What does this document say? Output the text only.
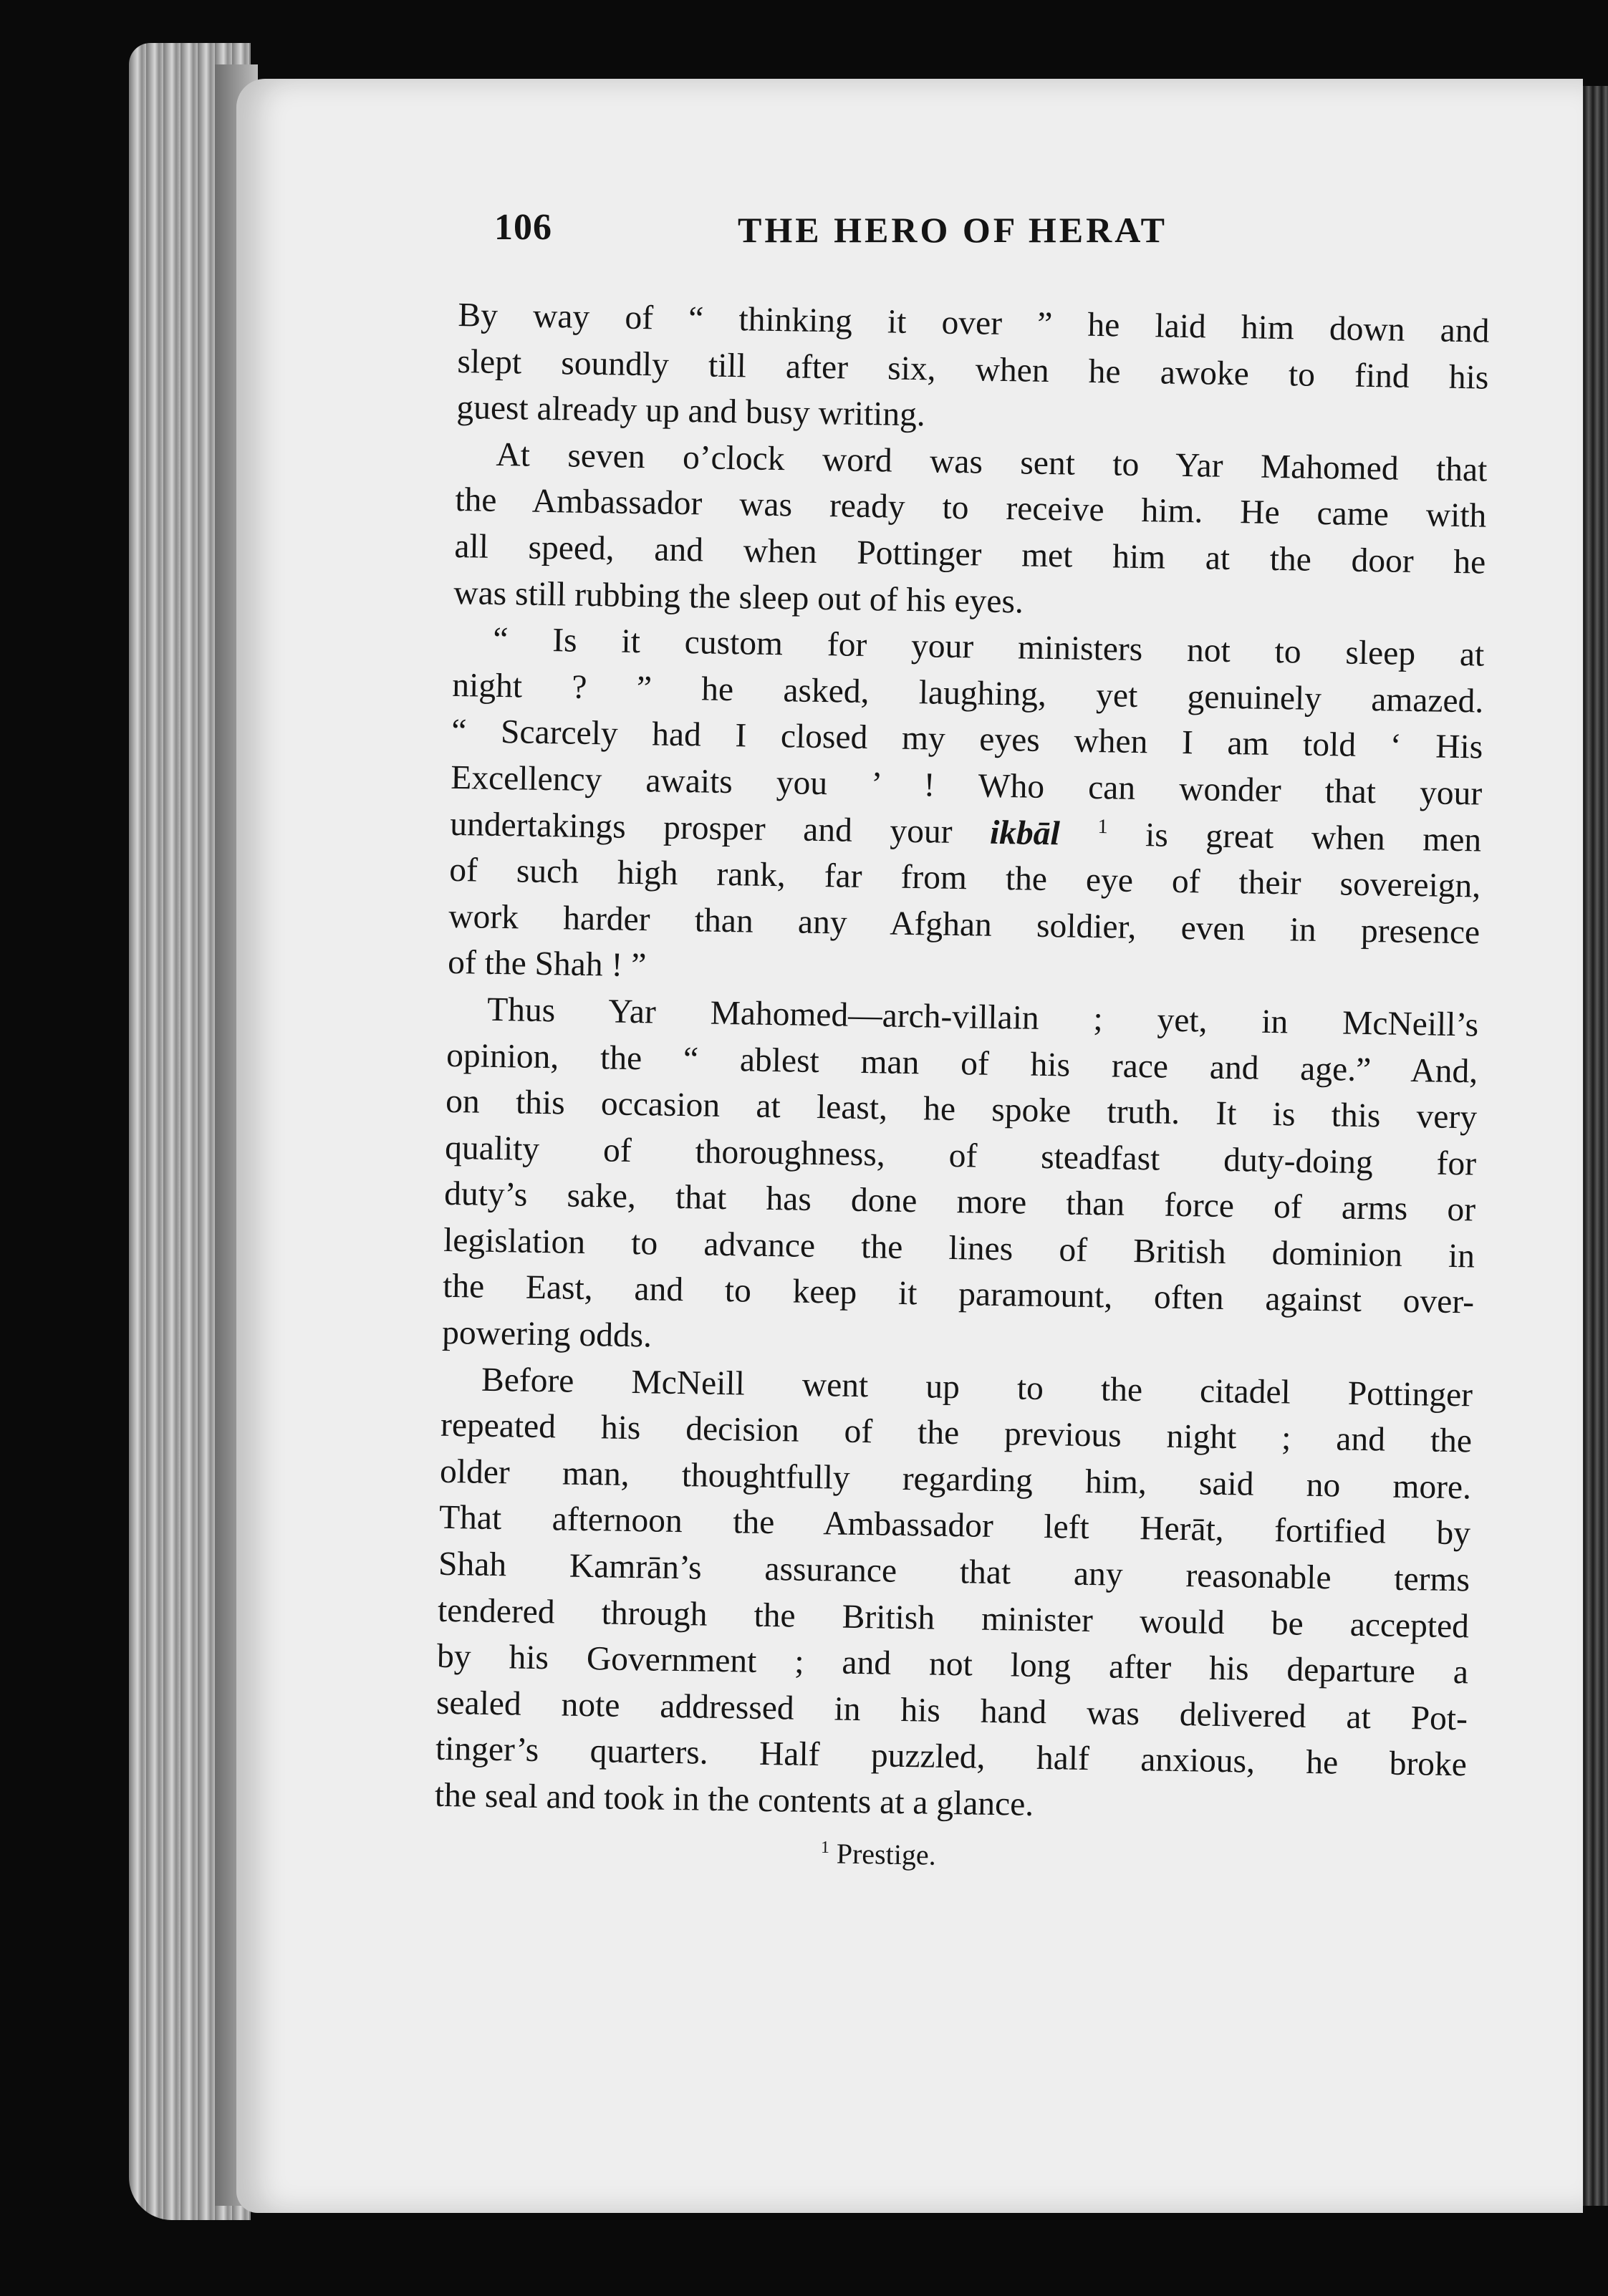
106	THE HERO OF HERAT
By way of “ thinking it over ” he laid him down and
slept soundly till after six, when he awoke to find his
guest already up and busy writing.
At seven o’clock word was sent to Yar Mahomed that
the Ambassador was ready to receive him. He came with
all speed, and when Pottinger met him at the door he
was still rubbing the sleep out of his eyes.
“ Is it custom for your ministers not to sleep at
night ? ” he asked, laughing, yet genuinely amazed.
“ Scarcely had I closed my eyes when I am told ‘ His
Excellency awaits you ’ ! Who can wonder that your
undertakings prosper and your ikbāl $^1$ is great when men
of such high rank, far from the eye of their sovereign,
work harder than any Afghan soldier, even in presence
of the Shah ! ”
Thus Yar Mahomed—arch-villain ; yet, in McNeill’s
opinion, the “ ablest man of his race and age.” And,
on this occasion at least, he spoke truth. It is this very
quality of thoroughness, of steadfast duty-doing for
duty’s sake, that has done more than force of arms or
legislation to advance the lines of British dominion in
the East, and to keep it paramount, often against over-
powering odds.
Before McNeill went up to the citadel Pottinger
repeated his decision of the previous night ; and the
older man, thoughtfully regarding him, said no more.
That afternoon the Ambassador left Herāt, fortified by
Shah Kamrān’s assurance that any reasonable terms
tendered through the British minister would be accepted
by his Government ; and not long after his departure a
sealed note addressed in his hand was delivered at Pot-
tinger’s quarters. Half puzzled, half anxious, he broke
the seal and took in the contents at a glance.
$^1$ Prestige.
